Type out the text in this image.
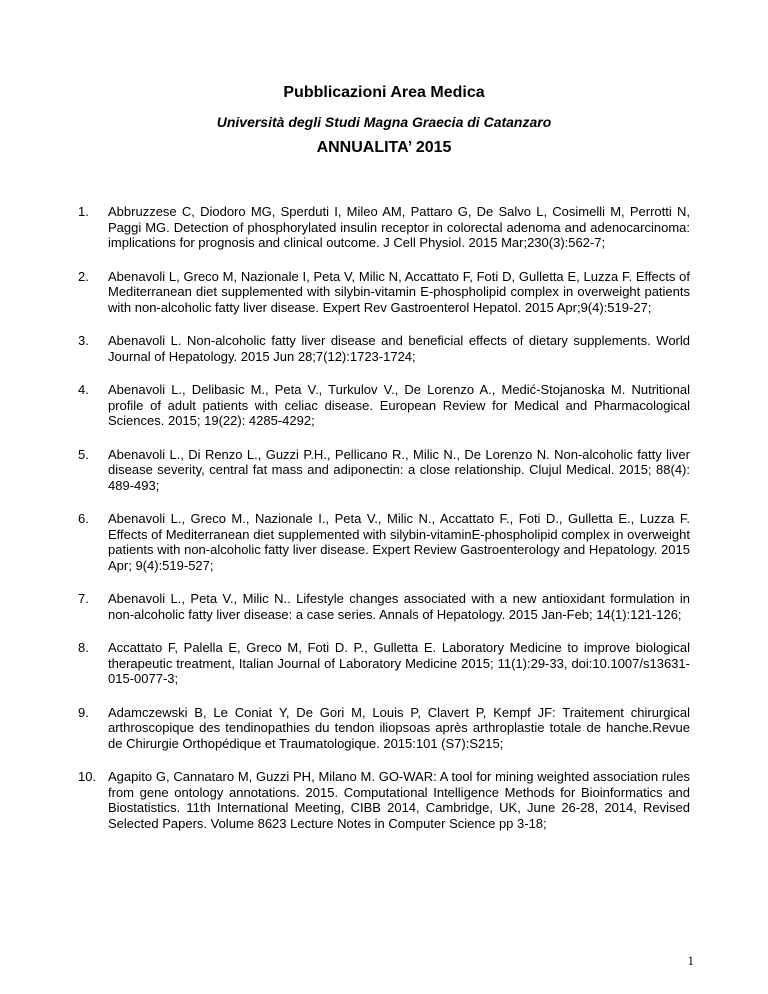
Pubblicazioni Area Medica
Università degli Studi Magna Graecia di Catanzaro
ANNUALITA’ 2015
1. Abbruzzese C, Diodoro MG, Sperduti I, Mileo AM, Pattaro G, De Salvo L, Cosimelli M, Perrotti N, Paggi MG. Detection of phosphorylated insulin receptor in colorectal adenoma and adenocarcinoma: implications for prognosis and clinical outcome. J Cell Physiol. 2015 Mar;230(3):562-7;
2. Abenavoli L, Greco M, Nazionale I, Peta V, Milic N, Accattato F, Foti D, Gulletta E, Luzza F. Effects of Mediterranean diet supplemented with silybin-vitamin E-phospholipid complex in overweight patients with non-alcoholic fatty liver disease. Expert Rev Gastroenterol Hepatol. 2015 Apr;9(4):519-27;
3. Abenavoli L. Non-alcoholic fatty liver disease and beneficial effects of dietary supplements. World Journal of Hepatology. 2015 Jun 28;7(12):1723-1724;
4. Abenavoli L., Delibasic M., Peta V., Turkulov V., De Lorenzo A., Medić-Stojanoska M. Nutritional profile of adult patients with celiac disease. European Review for Medical and Pharmacological Sciences. 2015; 19(22): 4285-4292;
5. Abenavoli L., Di Renzo L., Guzzi P.H., Pellicano R., Milic N., De Lorenzo N. Non-alcoholic fatty liver disease severity, central fat mass and adiponectin: a close relationship. Clujul Medical. 2015; 88(4): 489-493;
6. Abenavoli L., Greco M., Nazionale I., Peta V., Milic N., Accattato F., Foti D., Gulletta E., Luzza F. Effects of Mediterranean diet supplemented with silybin-vitaminE-phospholipid complex in overweight patients with non-alcoholic fatty liver disease. Expert Review Gastroenterology and Hepatology. 2015 Apr; 9(4):519-527;
7. Abenavoli L., Peta V., Milic N.. Lifestyle changes associated with a new antioxidant formulation in non-alcoholic fatty liver disease: a case series. Annals of Hepatology. 2015 Jan-Feb; 14(1):121-126;
8. Accattato F, Palella E, Greco M, Foti D. P., Gulletta E. Laboratory Medicine to improve biological therapeutic treatment, Italian Journal of Laboratory Medicine 2015; 11(1):29-33, doi:10.1007/s13631-015-0077-3;
9. Adamczewski B, Le Coniat Y, De Gori M, Louis P, Clavert P, Kempf JF: Traitement chirurgical arthroscopique des tendinopathies du tendon iliopsoas après arthroplastie totale de hanche.Revue de Chirurgie Orthopédique et Traumatologique. 2015:101 (S7):S215;
10. Agapito G, Cannataro M, Guzzi PH, Milano M. GO-WAR: A tool for mining weighted association rules from gene ontology annotations. 2015. Computational Intelligence Methods for Bioinformatics and Biostatistics. 11th International Meeting, CIBB 2014, Cambridge, UK, June 26-28, 2014, Revised Selected Papers. Volume 8623 Lecture Notes in Computer Science pp 3-18;
1
